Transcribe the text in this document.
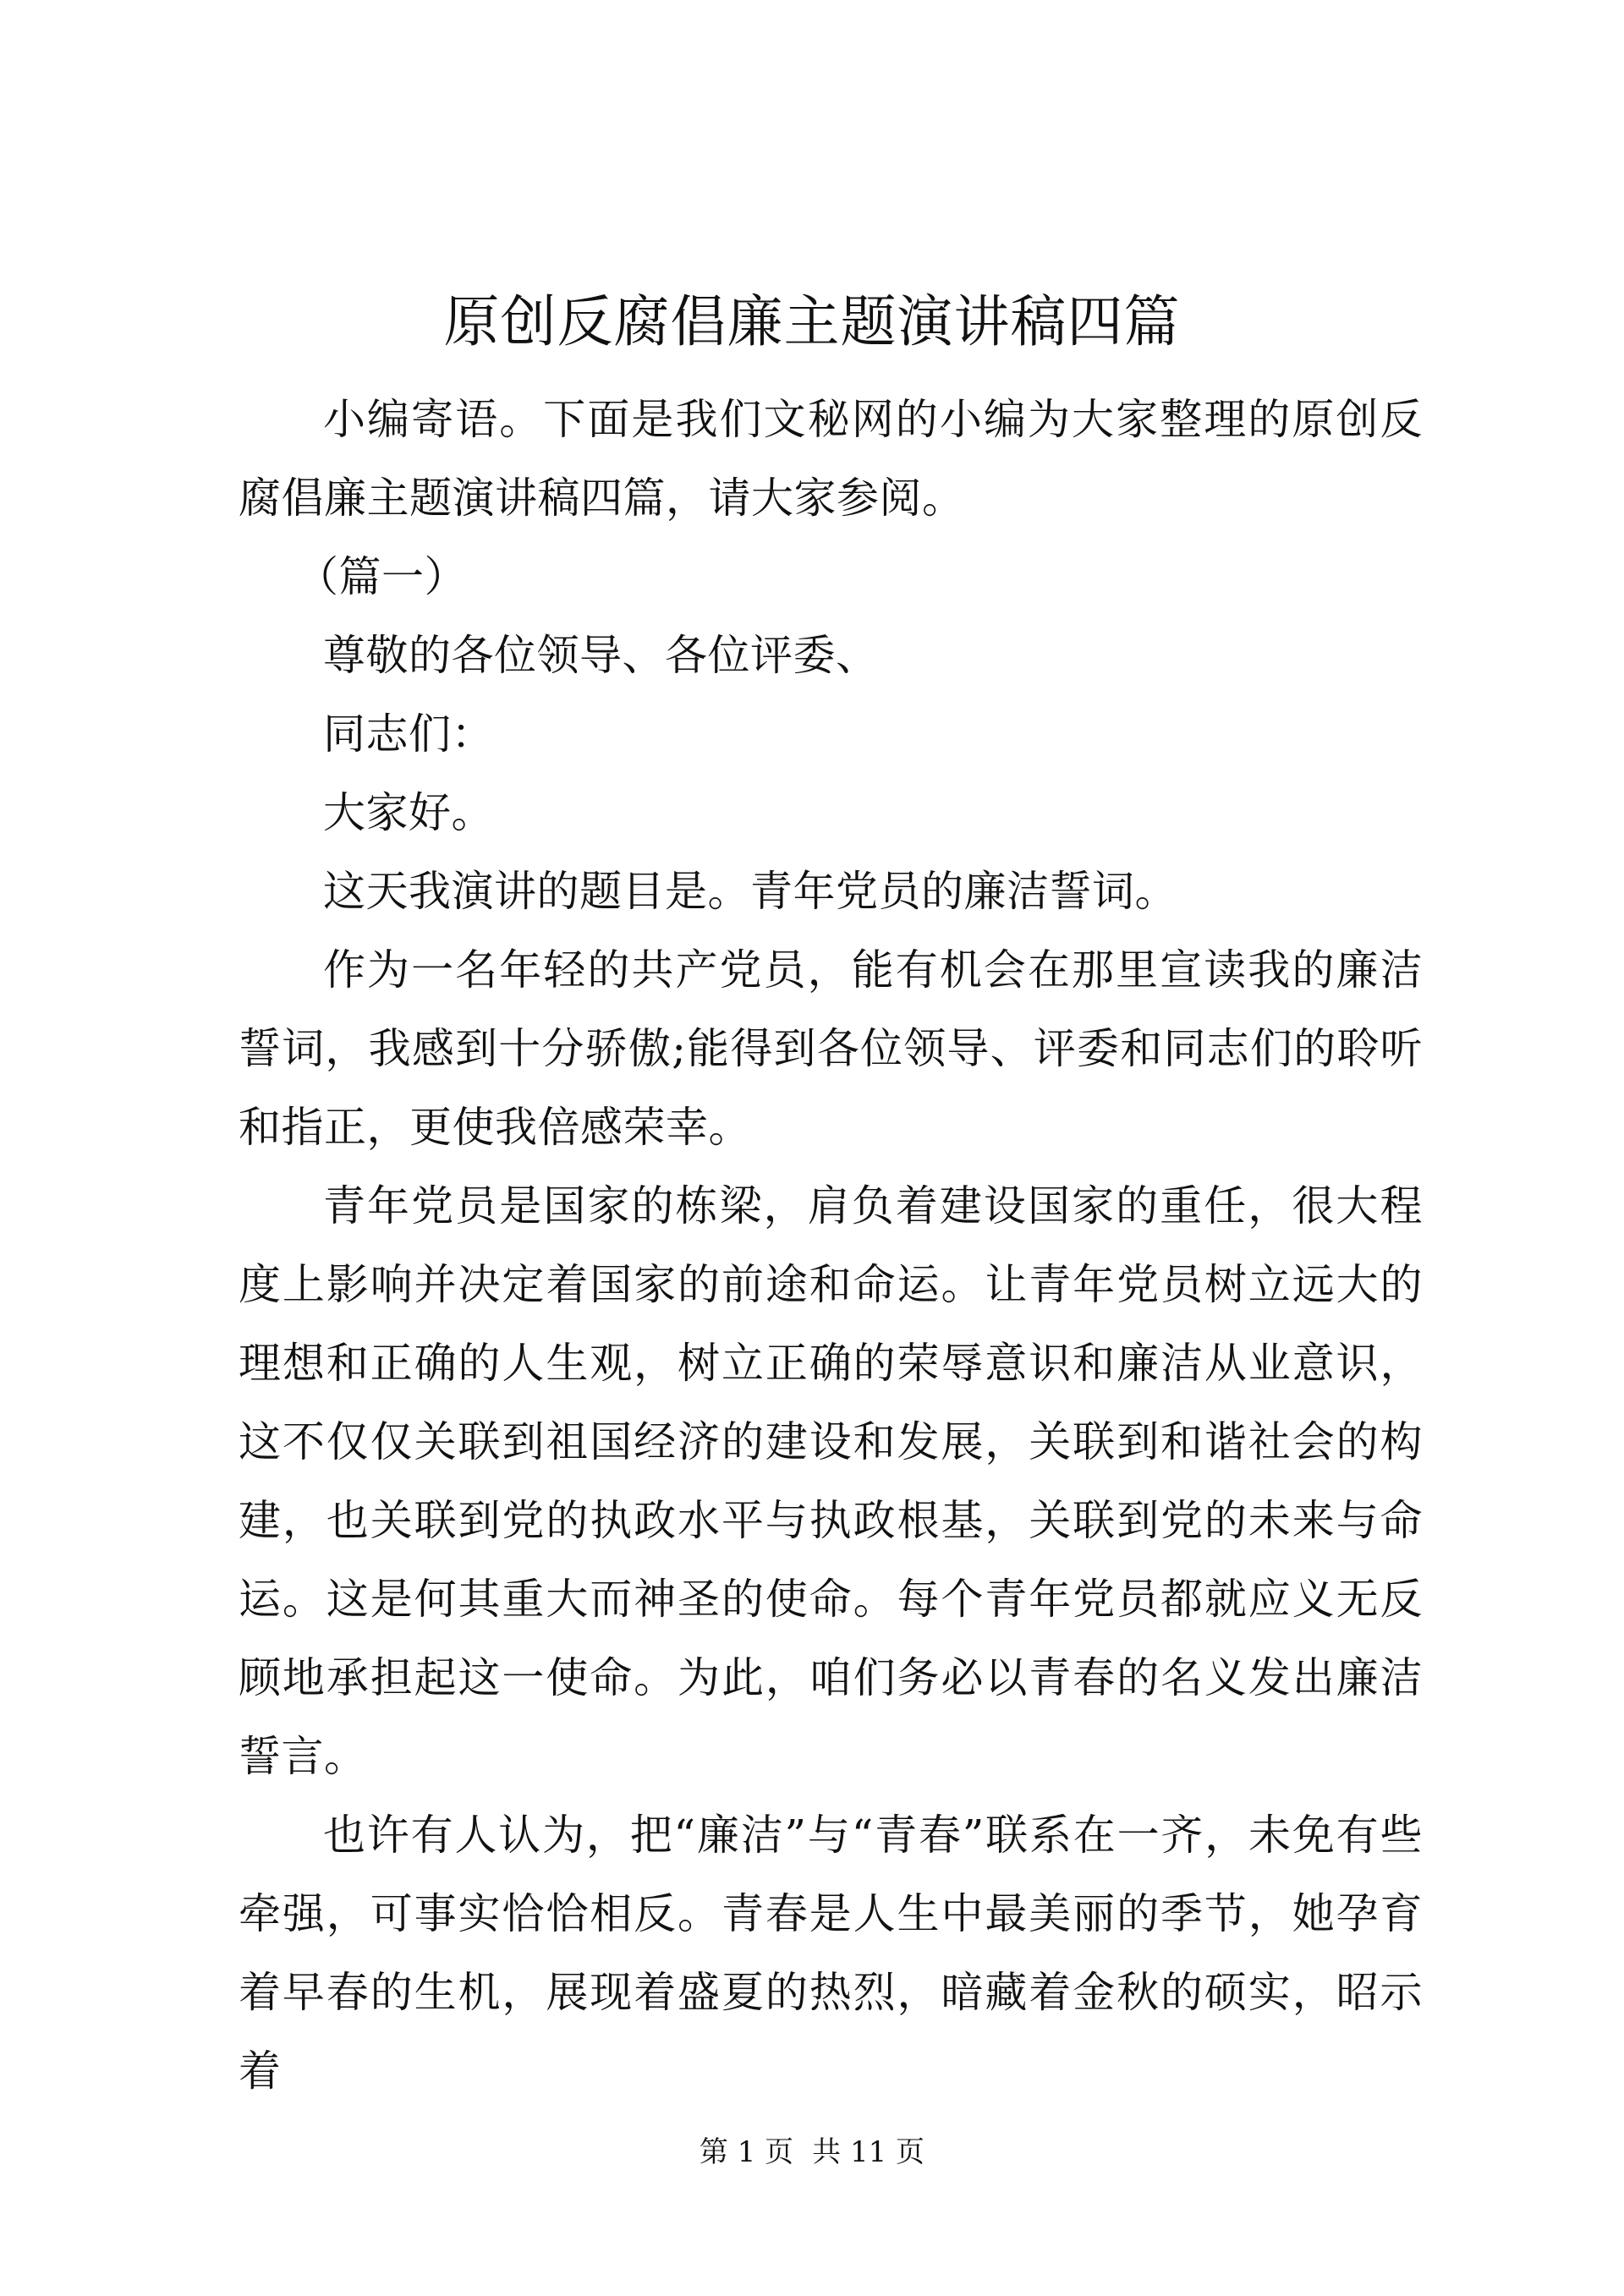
原创反腐倡廉主题演讲稿四篇

小编寄语。下面是我们文秘网的小编为大家整理的原创反腐倡廉主题演讲稿四篇，请大家参阅。

（篇一）

尊敬的各位领导、各位评委、

同志们：

大家好。

这天我演讲的题目是。青年党员的廉洁誓词。

作为一名年轻的共产党员，能有机会在那里宣读我的廉洁誓词，我感到十分骄傲;能得到各位领导、评委和同志们的聆听和指正，更使我倍感荣幸。

青年党员是国家的栋梁，肩负着建设国家的重任，很大程度上影响并决定着国家的前途和命运。让青年党员树立远大的理想和正确的人生观，树立正确的荣辱意识和廉洁从业意识，这不仅仅关联到祖国经济的建设和发展，关联到和谐社会的构建，也关联到党的执政水平与执政根基，关联到党的未来与命运。这是何其重大而神圣的使命。每个青年党员都就应义无反顾地承担起这一使命。为此，咱们务必以青春的名义发出廉洁誓言。

也许有人认为，把“廉洁”与“青春”联系在一齐，未免有些牵强，可事实恰恰相反。青春是人生中最美丽的季节，她孕育着早春的生机，展现着盛夏的热烈，暗藏着金秋的硕实，昭示着

第 1 页 共 11 页
